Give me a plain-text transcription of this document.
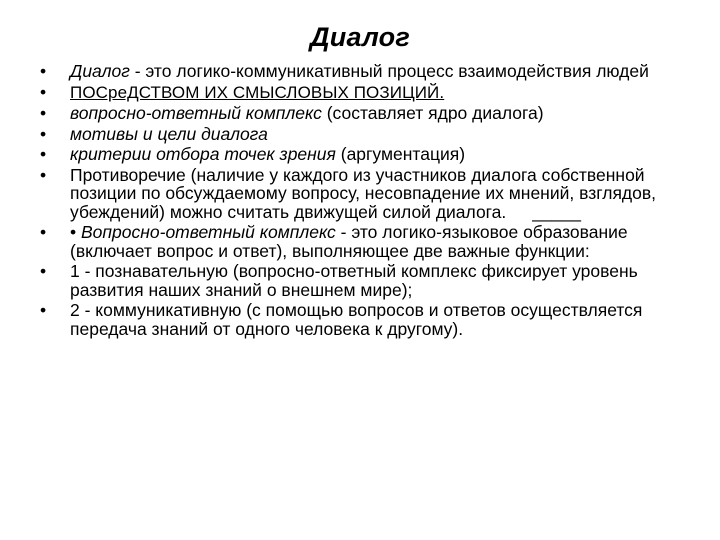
Диалог
•	Диалог - это логико-коммуникативный процесс взаимодействия людей
•	ПОСреДСТВОМ ИХ СМЫСЛОВЫХ ПОЗИЦИЙ.
•	вопросно-ответный комплекс (составляет ядро диалога)
•	мотивы и цели диалога
•	критерии отбора точек зрения (аргументация)
•	Противоречие (наличие у каждого из участников диалога собственной позиции по обсуждаемому вопросу, несовпадение их мнений, взглядов, убеждений) можно считать движущей силой диалога. _____
•	• Вопросно-ответный комплекс - это логико-языковое образование (включает вопрос и ответ), выполняющее две важные функции:
•	1 - познавательную (вопросно-ответный комплекс фиксирует уровень развития наших знаний о внешнем мире);
•	2 - коммуникативную (с помощью вопросов и ответов осуществляется передача знаний от одного человека к другому).
